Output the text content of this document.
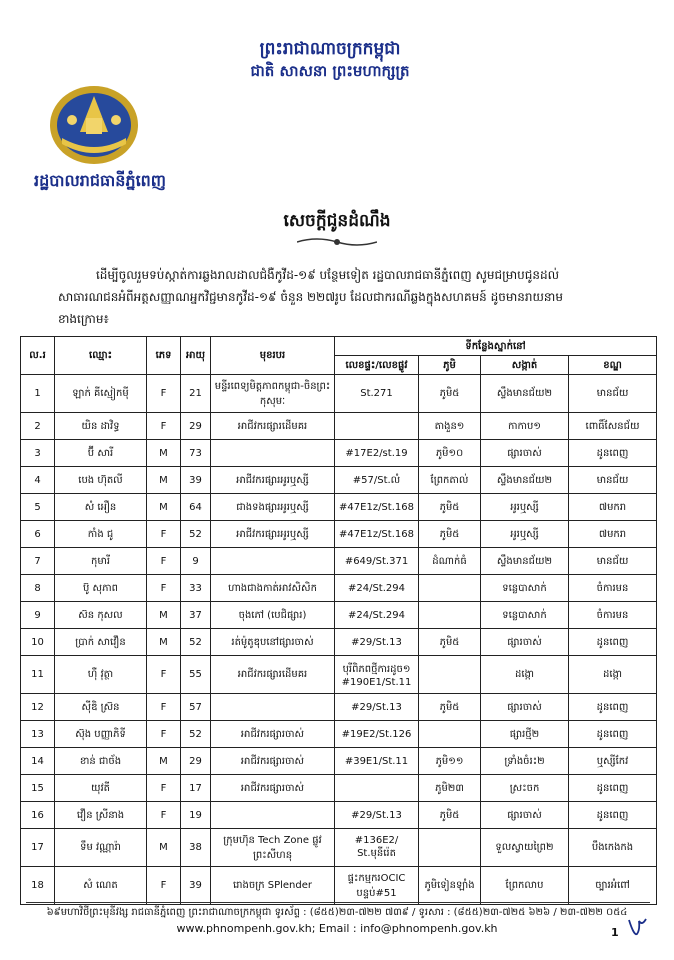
ព្រះរាជាណាចក្រកម្ពុជា
ជាតិ សាសនា ព្រះមហាក្សត្រ
រដ្ឋបាលរាជធានីភ្នំពេញ
សេចក្តីជូនដំណឹង
ដើម្បីចូលរួមទប់ស្កាត់ការឆ្លងរាលដាលជំងឺកូវីដ-១៩ បន្ថែមទៀត រដ្ឋបាលរាជធានីភ្នំពេញ សូមជម្រាបជូនដល់
សាធារណជនអំពីអត្តសញ្ញាណអ្នកវិជ្ជមានកូវីដ-១៩ ចំនួន ២២៧រូប ដែលជាករណីឆ្លងក្នុងសហគមន៍ ដូចមានរាយនាម
ខាងក្រោម៖
ល.រ	ឈ្មោះ	ភេទ	អាយុ	មុខរបរ	ទីកន្លែងស្នាក់នៅ			
					លេខផ្ទះ/លេខផ្លូវ	ភូមិ	សង្កាត់	ខណ្ឌ
1	ឡាក់ គីស្មៀកមុី	F	21	មន្ទីរពេទ្យមិត្តភាពកម្ពុជា-ចិនព្រះកុសុមៈ	St.271	ភូមិ៥	ស្ទឹងមានជ័យ២	មានជ័យ
2	យិន ដាវិទ្ធ	F	29	អាជីវករផ្សារដើមគរ		តាងួន១	កាកាប១	ពោធិ៍សែនជ័យ
3	ប៊ី សារី	M	73		#17E2/st.19	ភូមិ១០	ផ្សារចាស់	ដូនពេញ
4	បេង ហ៊ុតលី	M	39	អាជីវករផ្សារអូរឬស្សី	#57/St.លំ	ព្រែកតាល់	ស្ទឹងមានជ័យ២	មានជ័យ
5	សំ អឿន	M	64	ជាងទងផ្សារអូរឬស្សី	#47E1z/St.168	ភូមិ៥	អូរឬស្សី	៧មករា
6	កាំង ជូ	F	52	អាជីវករផ្សារអូរឬស្សី	#47E1z/St.168	ភូមិ៥	អូរឬស្សី	៧មករា
7	កុមារី	F	9		#649/St.371	ដំណាក់ធំ	ស្ទឹងមានជ័យ២	មានជ័យ
8	ប៊ូ សុភាព	F	33	ហាងជាងកាត់អាវសិសិក	#24/St.294		ទន្លេបាសាក់	ចំការមន
9	ស៊ន កុសល	M	37	ចុងភៅ (បេជិផ្សារ)	#24/St.294		ទន្លេបាសាក់	ចំការមន
10	ប្រាក់ សាវឿន	M	52	រត់ម៉ូតូឌុបនៅផ្សារចាស់	#29/St.13	ភូមិ៥	ផ្សារចាស់	ដូនពេញ
11	ហ៊ឺ វុត្ថា	F	55	អាជីវករផ្សារដើមគរ	បុរីពិភពថ្មីការដូច១ #190E1/St.11		ដង្កោ	ដង្កោ
12	ស៊ីឌិ ស្រ៊ន	F	57		#29/St.13	ភូមិ៥	ផ្សារចាស់	ដូនពេញ
13	ស៊ុង បញ្ញាភិទី	F	52	អាជីវករផ្សារចាស់	#19E2/St.126		ផ្សារថ្មី២	ដូនពេញ
14	ខាន់ ជាច័ង	M	29	អាជីវករផ្សារចាស់	#39E1/St.11	ភូមិ១១	ទ្រាំងចំរះ២	ឬស្សីកែវ
15	យុវតី	F	17	អាជីវករផ្សារចាស់		ភូមិ២៣	ស្រះចក	ដូនពេញ
16	វឿន ស្រីនាង	F	19		#29/St.13	ភូមិ៥	ផ្សារចាស់	ដូនពេញ
17	ទឹម វណ្ណារ៉ា	M	38	ក្រុមហ៊ុន Tech Zone ផ្លូវព្រះសីហនុ	#136E2/ St.មុនីរ៉េត		ទួលស្វាយព្រៃ២	បឹងកេងកង
18	សំ ណេត	F	39	រោងចក្រ SPlender	ផ្ទះកម្មករOCIC បន្ទប់#51	ភូមិទៀនឡាំង	ព្រែកលាប	ច្បារអំពៅ
៦៩មហាវិថីព្រះមុនីវង្ស រាជធានីភ្នំពេញ ព្រះរាជាណាចក្រកម្ពុជា ទូរស័ព្ទ : (៨៥៥)២៣-៧២២ ៧៣៩ / ទូរសារ : (៨៥៥)២៣-៧២៥ ៦២៦ / ២៣-៧២២ ០៥៤
www.phnompenh.gov.kh; Email : info@phnompenh.gov.kh	1
